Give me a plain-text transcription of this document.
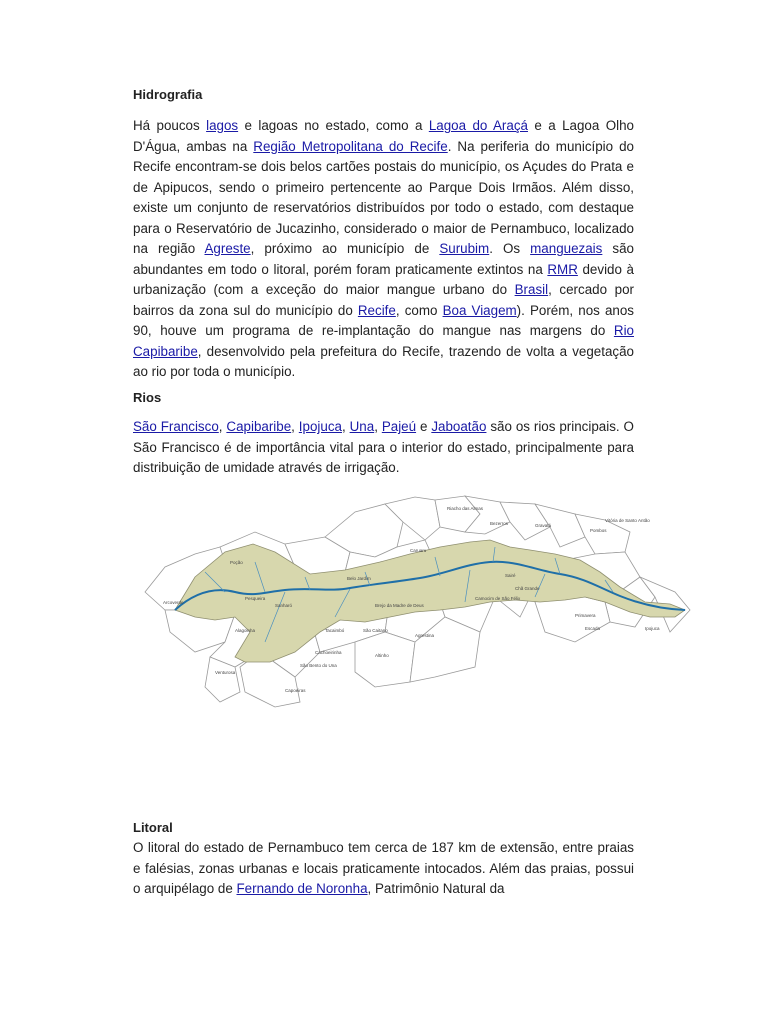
Hidrografia

Há poucos lagos e lagoas no estado, como a Lagoa do Araçá e a Lagoa Olho D'Água, ambas na Região Metropolitana do Recife. Na periferia do município do Recife encontram-se dois belos cartões postais do município, os Açudes do Prata e de Apipucos, sendo o primeiro pertencente ao Parque Dois Irmãos. Além disso, existe um conjunto de reservatórios distribuídos por todo o estado, com destaque para o Reservatório de Jucazinho, considerado o maior de Pernambuco, localizado na região Agreste, próximo ao município de Surubim. Os manguezais são abundantes em todo o litoral, porém foram praticamente extintos na RMR devido à urbanização (com a exceção do maior mangue urbano do Brasil, cercado por bairros da zona sul do município do Recife, como Boa Viagem). Porém, nos anos 90, houve um programa de re-implantação do mangue nas margens do Rio Capibaribe, desenvolvido pela prefeitura do Recife, trazendo de volta a vegetação ao rio por toda o município.

Rios

São Francisco, Capibaribe, Ipojuca, Una, Pajeú e Jaboatão são os rios principais. O São Francisco é de importância vital para o interior do estado, principalmente para distribuição de umidade através de irrigação.

Poção
Arcoverde
Pesqueira
Alagoinha
Venturosa
Belo Jardim
Caruaru
Riacho das Almas
Bezerros	Gravatá
Pombos
Vitória de Santo Antão
Sanharó
Tacaimbó	São Caitano
Cachoeirinha
Altinho
Agrestina
São Bento do Una
Capoeiras
Chã Grande
Primavera
Escada	Ipojuca
Sairé
Camocim de São Félix
Brejo da Madre de Deus
Litoral

O litoral do estado de Pernambuco tem cerca de 187 km de extensão, entre praias e falésias, zonas urbanas e locais praticamente intocados. Além das praias, possui o arquipélago de Fernando de Noronha, Patrimônio Natural da
